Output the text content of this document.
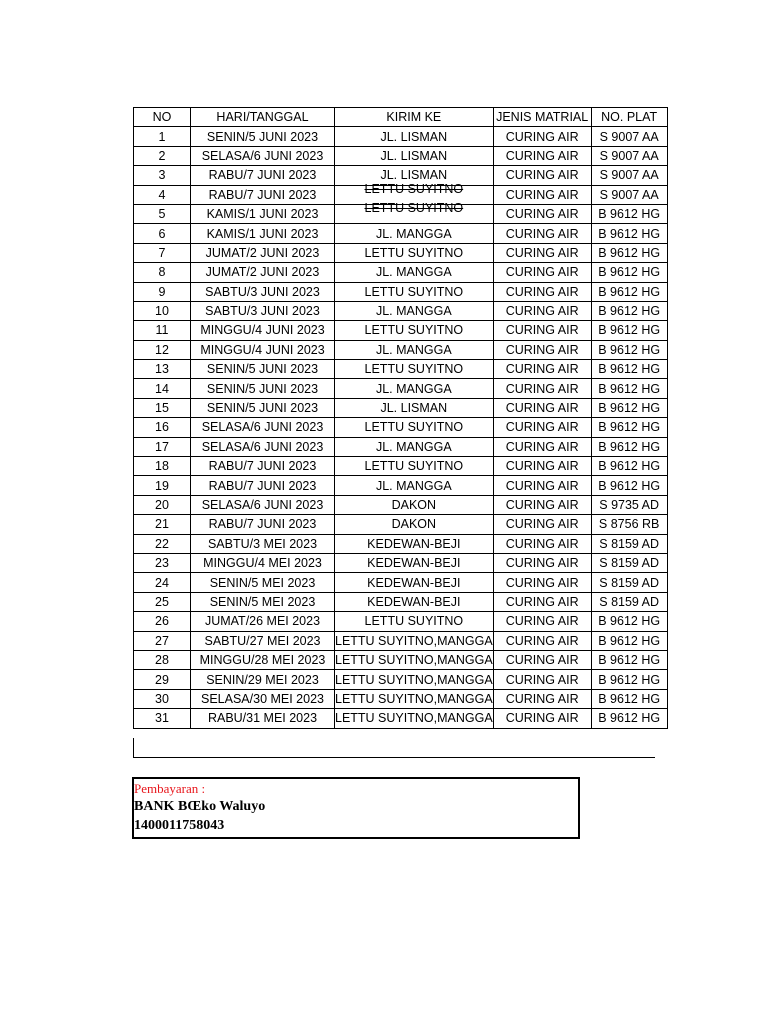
NO	HARI/TANGGAL	KIRIM KE	JENIS MATRIAL	NO. PLAT
1	SENIN/5 JUNI 2023	JL. LISMAN	CURING AIR	S 9007 AA
2	SELASA/6 JUNI 2023	JL. LISMAN	CURING AIR	S 9007 AA
3	RABU/7 JUNI 2023	JL. LISMAN	CURING AIR	S 9007 AA
4	RABU/7 JUNI 2023	LETTU SUYITNO	CURING AIR	S 9007 AA
5	KAMIS/1 JUNI 2023	LETTU SUYITNO	CURING AIR	B 9612 HG
6	KAMIS/1 JUNI 2023	JL. MANGGA	CURING AIR	B 9612 HG
7	JUMAT/2 JUNI 2023	LETTU SUYITNO	CURING AIR	B 9612 HG
8	JUMAT/2 JUNI 2023	JL. MANGGA	CURING AIR	B 9612 HG
9	SABTU/3 JUNI 2023	LETTU SUYITNO	CURING AIR	B 9612 HG
10	SABTU/3 JUNI 2023	JL. MANGGA	CURING AIR	B 9612 HG
11	MINGGU/4 JUNI 2023	LETTU SUYITNO	CURING AIR	B 9612 HG
12	MINGGU/4 JUNI 2023	JL. MANGGA	CURING AIR	B 9612 HG
13	SENIN/5 JUNI 2023	LETTU SUYITNO	CURING AIR	B 9612 HG
14	SENIN/5 JUNI 2023	JL. MANGGA	CURING AIR	B 9612 HG
15	SENIN/5 JUNI 2023	JL. LISMAN	CURING AIR	B 9612 HG
16	SELASA/6 JUNI 2023	LETTU SUYITNO	CURING AIR	B 9612 HG
17	SELASA/6 JUNI 2023	JL. MANGGA	CURING AIR	B 9612 HG
18	RABU/7 JUNI 2023	LETTU SUYITNO	CURING AIR	B 9612 HG
19	RABU/7 JUNI 2023	JL. MANGGA	CURING AIR	B 9612 HG
20	SELASA/6 JUNI 2023	DAKON	CURING AIR	S 9735 AD
21	RABU/7 JUNI 2023	DAKON	CURING AIR	S 8756 RB
22	SABTU/3 MEI 2023	KEDEWAN-BEJI	CURING AIR	S 8159 AD
23	MINGGU/4 MEI 2023	KEDEWAN-BEJI	CURING AIR	S 8159 AD
24	SENIN/5 MEI 2023	KEDEWAN-BEJI	CURING AIR	S 8159 AD
25	SENIN/5 MEI 2023	KEDEWAN-BEJI	CURING AIR	S 8159 AD
26	JUMAT/26 MEI 2023	LETTU SUYITNO	CURING AIR	B 9612 HG
27	SABTU/27 MEI 2023	LETTU SUYITNO,MANGGA	CURING AIR	B 9612 HG
28	MINGGU/28 MEI 2023	LETTU SUYITNO,MANGGA	CURING AIR	B 9612 HG
29	SENIN/29 MEI 2023	LETTU SUYITNO,MANGGA	CURING AIR	B 9612 HG
30	SELASA/30 MEI 2023	LETTU SUYITNO,MANGGA	CURING AIR	B 9612 HG
31	RABU/31 MEI 2023	LETTU SUYITNO,MANGGA	CURING AIR	B 9612 HG
Pembayaran :
BANK BŒko Waluyo
1400011758043
